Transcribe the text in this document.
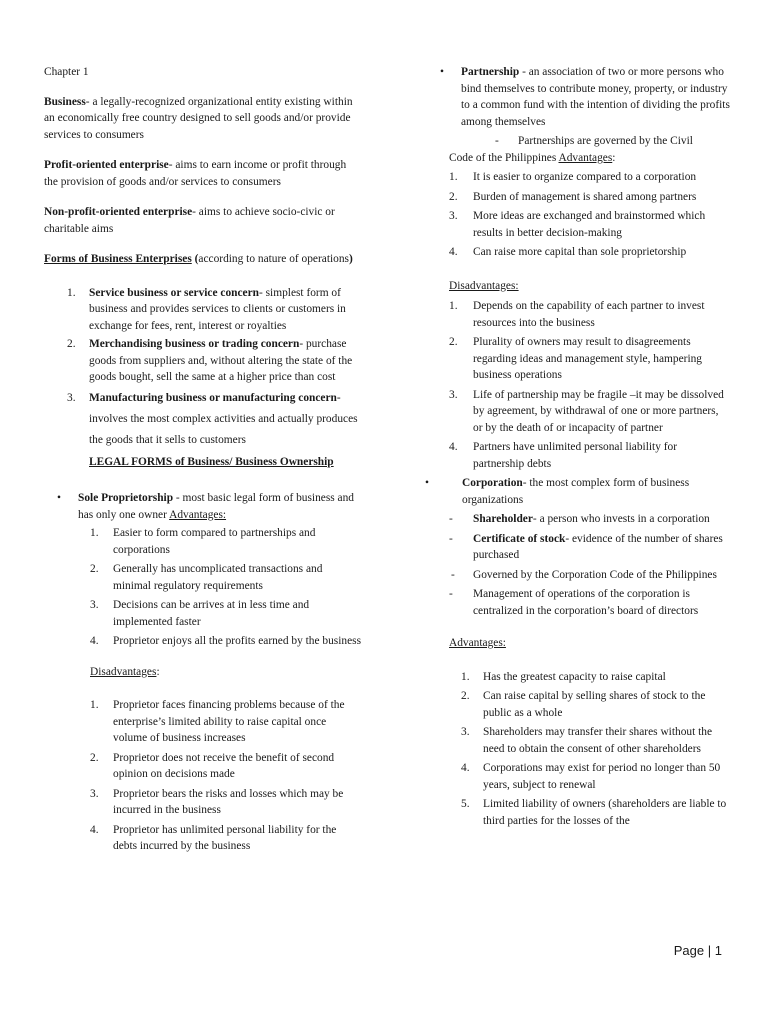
Chapter 1

Business- a legally-recognized organizational entity existing within an economically free country designed to sell goods and/or provide services to consumers

Profit-oriented enterprise- aims to earn income or profit through the provision of goods and/or services to consumers

Non-profit-oriented enterprise- aims to achieve socio-civic or charitable aims

Forms of Business Enterprises (according to nature of operations)

1. Service business or service concern- simplest form of business and provides services to clients or customers in exchange for fees, rent, interest or royalties
2. Merchandising business or trading concern- purchase goods from suppliers and, without altering the state of the goods bought, sell the same at a higher price than cost
3. Manufacturing business or manufacturing concern- involves the most complex activities and actually produces the goods that it sells to customers

LEGAL FORMS of Business/ Business Ownership

• Sole Proprietorship - most basic legal form of business and has only one owner Advantages:

1. Easier to form compared to partnerships and corporations
2. Generally has uncomplicated transactions and minimal regulatory requirements
3. Decisions can be arrives at in less time and implemented faster
4. Proprietor enjoys all the profits earned by the business

Disadvantages:

1. Proprietor faces financing problems because of the enterprise’s limited ability to raise capital once volume of business increases
2. Proprietor does not receive the benefit of second opinion on decisions made
3. Proprietor bears the risks and losses which may be incurred in the business
4. Proprietor has unlimited personal liability for the debts incurred by the business
• Partnership - an association of two or more persons who bind themselves to contribute money, property, or industry to a common fund with the intention of dividing the profits among themselves

-	Partnerships are governed by the Civil
Code of the Philippines Advantages:

1. It is easier to organize compared to a corporation
2. Burden of management is shared among partners
3. More ideas are exchanged and brainstormed which results in better decision-making
4. Can raise more capital than sole proprietorship

Disadvantages:

1. Depends on the capability of each partner to invest resources into the business
2. Plurality of owners may result to disagreements regarding ideas and management style, hampering business operations
3. Life of partnership may be fragile –it may be dissolved by agreement, by withdrawal of one or more partners, or by the death of or incapacity of partner
4. Partners have unlimited personal liability for partnership debts
•	Corporation- the most complex form of business organizations

- Shareholder- a person who invests in a corporation
- Certificate of stock- evidence of the number of shares purchased
- Governed by the Corporation Code of the Philippines
- Management of operations of the corporation is centralized in the corporation’s board of directors

Advantages:

1. Has the greatest capacity to raise capital
2. Can raise capital by selling shares of stock to the public as a whole
3. Shareholders may transfer their shares without the need to obtain the consent of other shareholders
4. Corporations may exist for period no longer than 50 years, subject to renewal
5. Limited liability of owners (shareholders are liable to third parties for the losses of the
Page | 1
